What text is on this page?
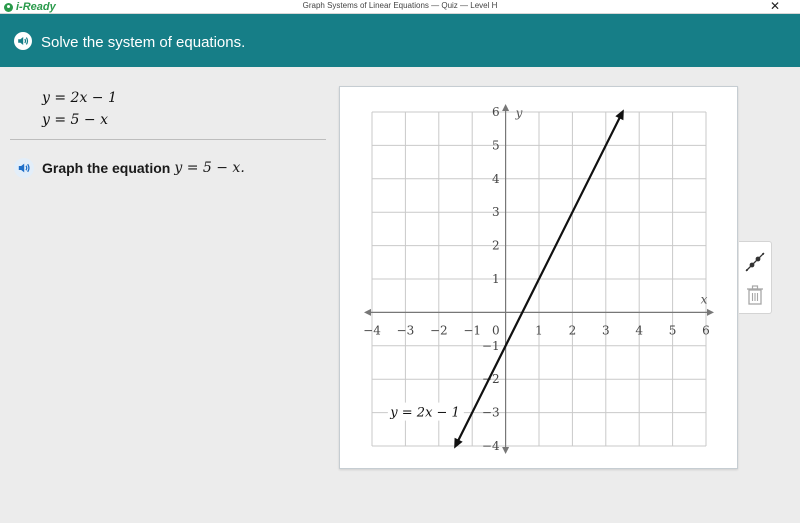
i-Ready	Graph Systems of Linear Equations — Quiz — Level H	✕
Solve the system of equations.
y = 2x − 1
y = 5 − x
Graph the equation y = 5 − x.
x
y
−4 −3 −2 −1	1 2 3 4 5 6
6
5
4
3
2
1
−1
−2
−3
−4
0
y = 2x − 1
